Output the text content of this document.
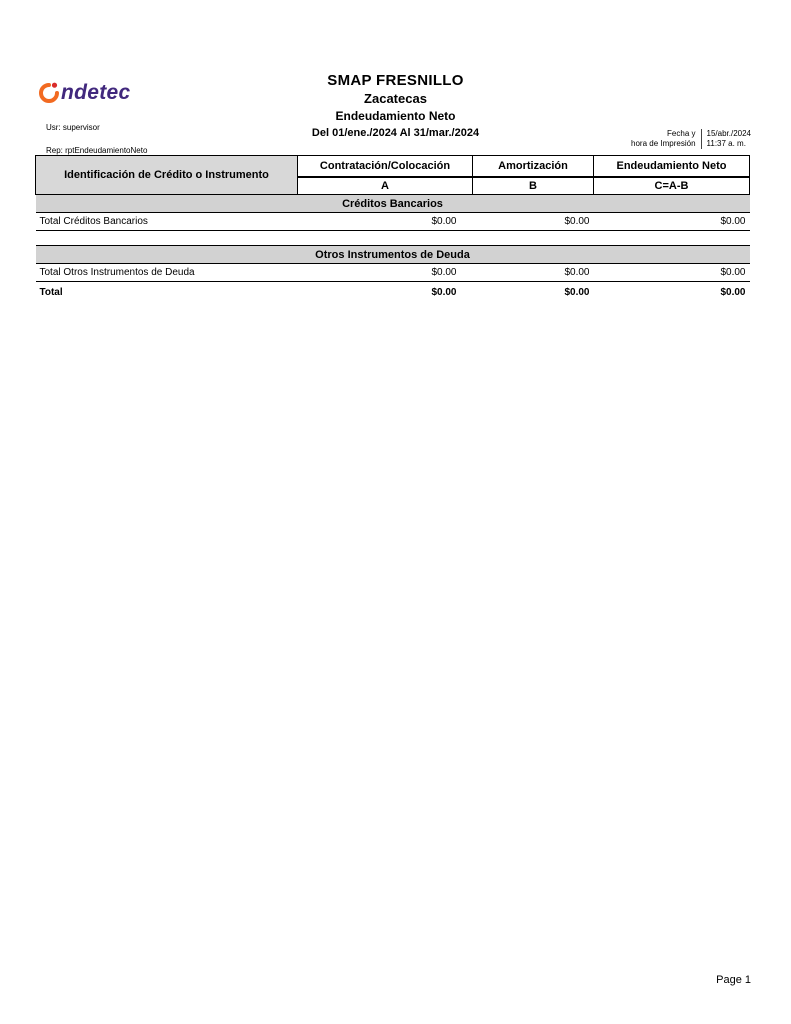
ndetec
SMAP FRESNILLO
Zacatecas
Endeudamiento Neto
Del 01/ene./2024 Al 31/mar./2024
Usr: supervisor
Rep: rptEndeudamientoNeto
Fecha y
hora de Impresión
15/abr./2024
11:37 a. m.
Identificación de Crédito o Instrumento	Contratación/Colocación	Amortización	Endeudamiento Neto
	A	B	C=A-B
Créditos Bancarios			
Total Créditos Bancarios	$0.00	$0.00	$0.00

Otros Instrumentos de Deuda			
Total Otros Instrumentos de Deuda	$0.00	$0.00	$0.00
Total	$0.00	$0.00	$0.00
Page 1
